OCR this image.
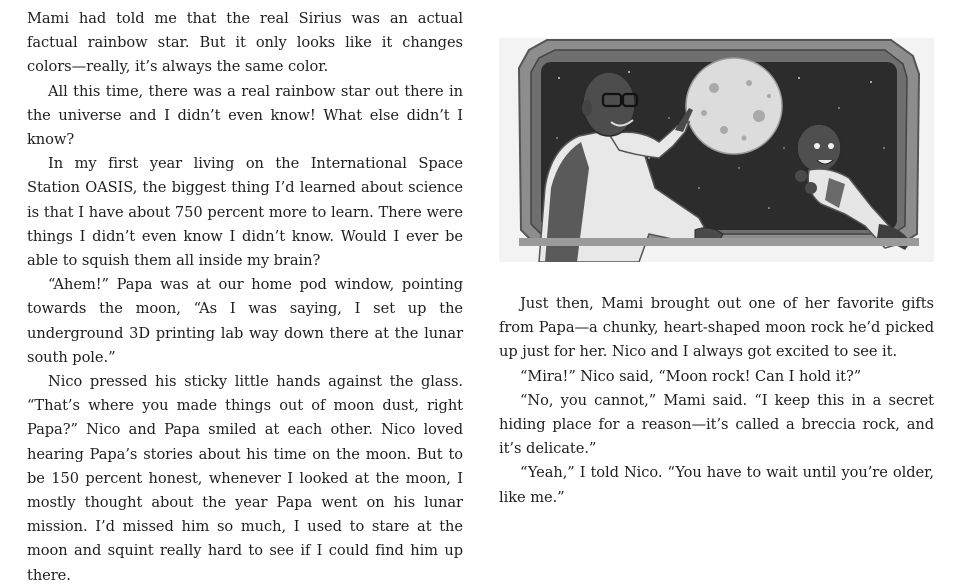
Mami had told me that the real Sirius was an actual factual rainbow star. But it only looks like it changes colors—really, it’s always the same color.

All this time, there was a real rainbow star out there in the universe and I didn’t even know! What else didn’t I know?

In my first year living on the International Space Station OASIS, the biggest thing I’d learned about science is that I have about 750 percent more to learn. There were things I didn’t even know I didn’t know. Would I ever be able to squish them all inside my brain?

“Ahem!” Papa was at our home pod window, pointing towards the moon, “As I was saying, I set up the underground 3D printing lab way down there at the lunar south pole.”

Nico pressed his sticky little hands against the glass. “That’s where you made things out of moon dust, right Papa?” Nico and Papa smiled at each other. Nico loved hearing Papa’s stories about his time on the moon. But to be 150 percent honest, whenever I looked at the moon, I mostly thought about the year Papa went on his lunar mission. I’d missed him so much, I used to stare at the moon and squint really hard to see if I could find him up there.

Just then, Mami brought out one of her favorite gifts from Papa—a chunky, heart-shaped moon rock he’d picked up just for her. Nico and I always got excited to see it.

“Mira!” Nico said, “Moon rock! Can I hold it?”

“No, you cannot,” Mami said. “I keep this in a secret hiding place for a reason—it’s called a breccia rock, and it’s delicate.”

“Yeah,” I told Nico. “You have to wait until you’re older, like me.”
